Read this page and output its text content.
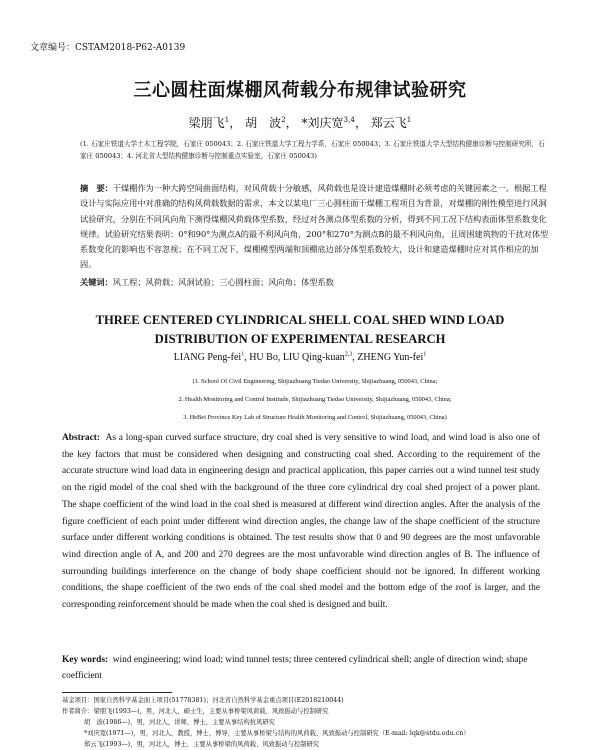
文章编号：CSTAM2018-P62-A0139

三心圆柱面煤棚风荷载分布规律试验研究

梁朋飞$^1$， 胡　波$^2$， *刘庆宽$^{3,4}$， 郑云飞$^1$

(1. 石家庄铁道大学土木工程学院，石家庄 050043；2. 石家庄铁道大学工程力学系，石家庄 050043；3. 石家庄铁道大学大型结构健康诊断与控制研究所，石家庄 050043；4. 河北省大型结构健康诊断与控制重点实验室，石家庄 050043)

摘　要：干煤棚作为一种大跨空间曲面结构，对风荷载十分敏感，风荷载也是设计建造煤棚时必须考虑的关键因素之一。根据工程设计与实际应用中对准确的结构风荷载数据的需求，本文以某电厂三心圆柱面干煤棚工程项目为背景，对煤棚的刚性模型进行风洞试验研究，分别在不同风向角下测得煤棚风荷载体型系数，经过对各测点体型系数的分析，得到不同工况下结构表面体型系数变化规律。试验研究结果表明：0°和90°为测点A的最不利风向角，200°和270°为测点B的最不利风向角，且周围建筑物的干扰对体型系数变化的影响也不容忽视；在不同工况下，煤棚模型两端和顶棚底边部分体型系数较大，设计和建造煤棚时应对其作相应的加固。

关键词：风工程；风荷载；风洞试验；三心圆柱面；风向角；体型系数

THREE CENTERED CYLINDRICAL SHELL COAL SHED WIND LOAD
DISTRIBUTION OF EXPERIMENTAL RESEARCH

LIANG Peng-fei$^1$, HU Bo, LIU Qing-kuan$^{2,3}$, ZHENG Yun-fei$^1$

(1. School Of Civil Engineering, Shijiazhuang Tiedao University, Shijiazhuang, 050043, China;
2. Health Monitoring and Control Institude, Shijiazhuang Tiedao University, Shijiazhuang, 050043, China;
3. HeBei Province Key Lab of Structure Health Monitoring and Control, Shijiazhuang, 050043, China)

Abstract: As a long-span curved surface structure, dry coal shed is very sensitive to wind load, and wind load is also one of the key factors that must be considered when designing and constructing coal shed. According to the requirement of the accurate structure wind load data in engineering design and practical application, this paper carries out a wind tunnel test study on the rigid model of the coal shed with the background of the three core cylindrical dry coal shed project of a power plant. The shape coefficient of the wind load in the coal shed is measured at different wind direction angles. After the analysis of the figure coefficient of each point under different wind direction angles, the change law of the shape coefficient of the structure surface under different working conditions is obtained. The test results show that 0 and 90 degrees are the most unfavorable wind direction angle of A, and 200 and 270 degrees are the most unfavorable wind direction angles of B. The influence of surrounding buildings interference on the change of body shape coefficient should not be ignored. In different working conditions, the shape coefficient of the two ends of the coal shed model and the bottom edge of the roof is larger, and the corresponding reinforcement should be made when the coal shed is designed and built.

Key words: wind engineering; wind load; wind tunnel tests; three centered cylindrical shell; angle of direction wind; shape coefficient

基金项目：国家自然科学基金面上项目(51778381)；河北省自然科学基金重点项目(E2018210044)
作者简介：梁朋飞(1993—)，男，河北人，硕士生，主要从事桥梁风荷载、风致振动与控制研究
胡　波(1986—)，男，河北人，讲师，博士，主要从事结构抗风研究
*刘庆宽(1971—)，男，河北人，教授，博士，博导，主要从事桥梁与结构的风荷载、风致振动与控制研究（E-mail: lqk@stdu.edu.cn）
郑云飞(1993—)，男，河北人，博士，主要从事桥梁的风荷载、风致振动与控制研究
